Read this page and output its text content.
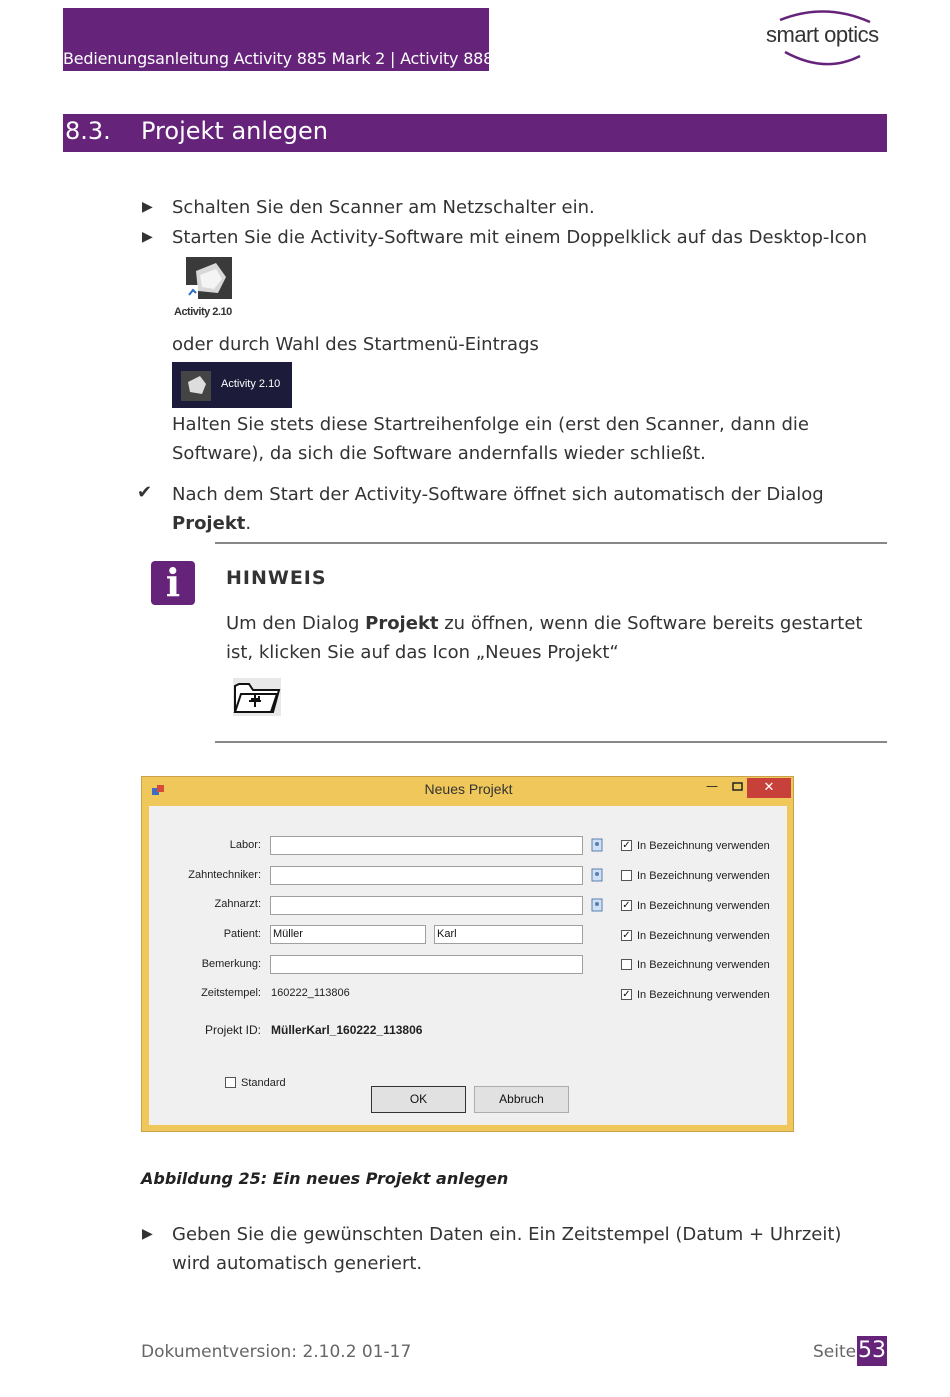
Bedienungsanleitung Activity 885 Mark 2 | Activity 888
smart optics
8.3. Projekt anlegen
▶ Schalten Sie den Scanner am Netzschalter ein.
▶ Starten Sie die Activity-Software mit einem Doppelklick auf das Desktop-Icon
Activity 2.10
oder durch Wahl des Startmenü-Eintrags
Activity 2.10
Halten Sie stets diese Startreihenfolge ein (erst den Scanner, dann die Software), da sich die Software andernfalls wieder schließt.
✔ Nach dem Start der Activity-Software öffnet sich automatisch der Dialog Projekt.
i	HINWEIS
Um den Dialog Projekt zu öffnen, wenn die Software bereits gestartet ist, klicken Sie auf das Icon „Neues Projekt“
Neues Projekt	—	✕
Labor:	✓ In Bezeichnung verwenden
Zahntechniker:	In Bezeichnung verwenden
Zahnarzt:	✓ In Bezeichnung verwenden
Patient: Müller	Karl	✓ In Bezeichnung verwenden
Bemerkung:	In Bezeichnung verwenden
Zeitstempel: 160222_113806	✓ In Bezeichnung verwenden
Projekt ID: MüllerKarl_160222_113806
Standard
OK	Abbruch
Abbildung 25: Ein neues Projekt anlegen
▶ Geben Sie die gewünschten Daten ein. Ein Zeitstempel (Datum + Uhrzeit) wird automatisch generiert.
Dokumentversion: 2.10.2 01-17	Seite 53
